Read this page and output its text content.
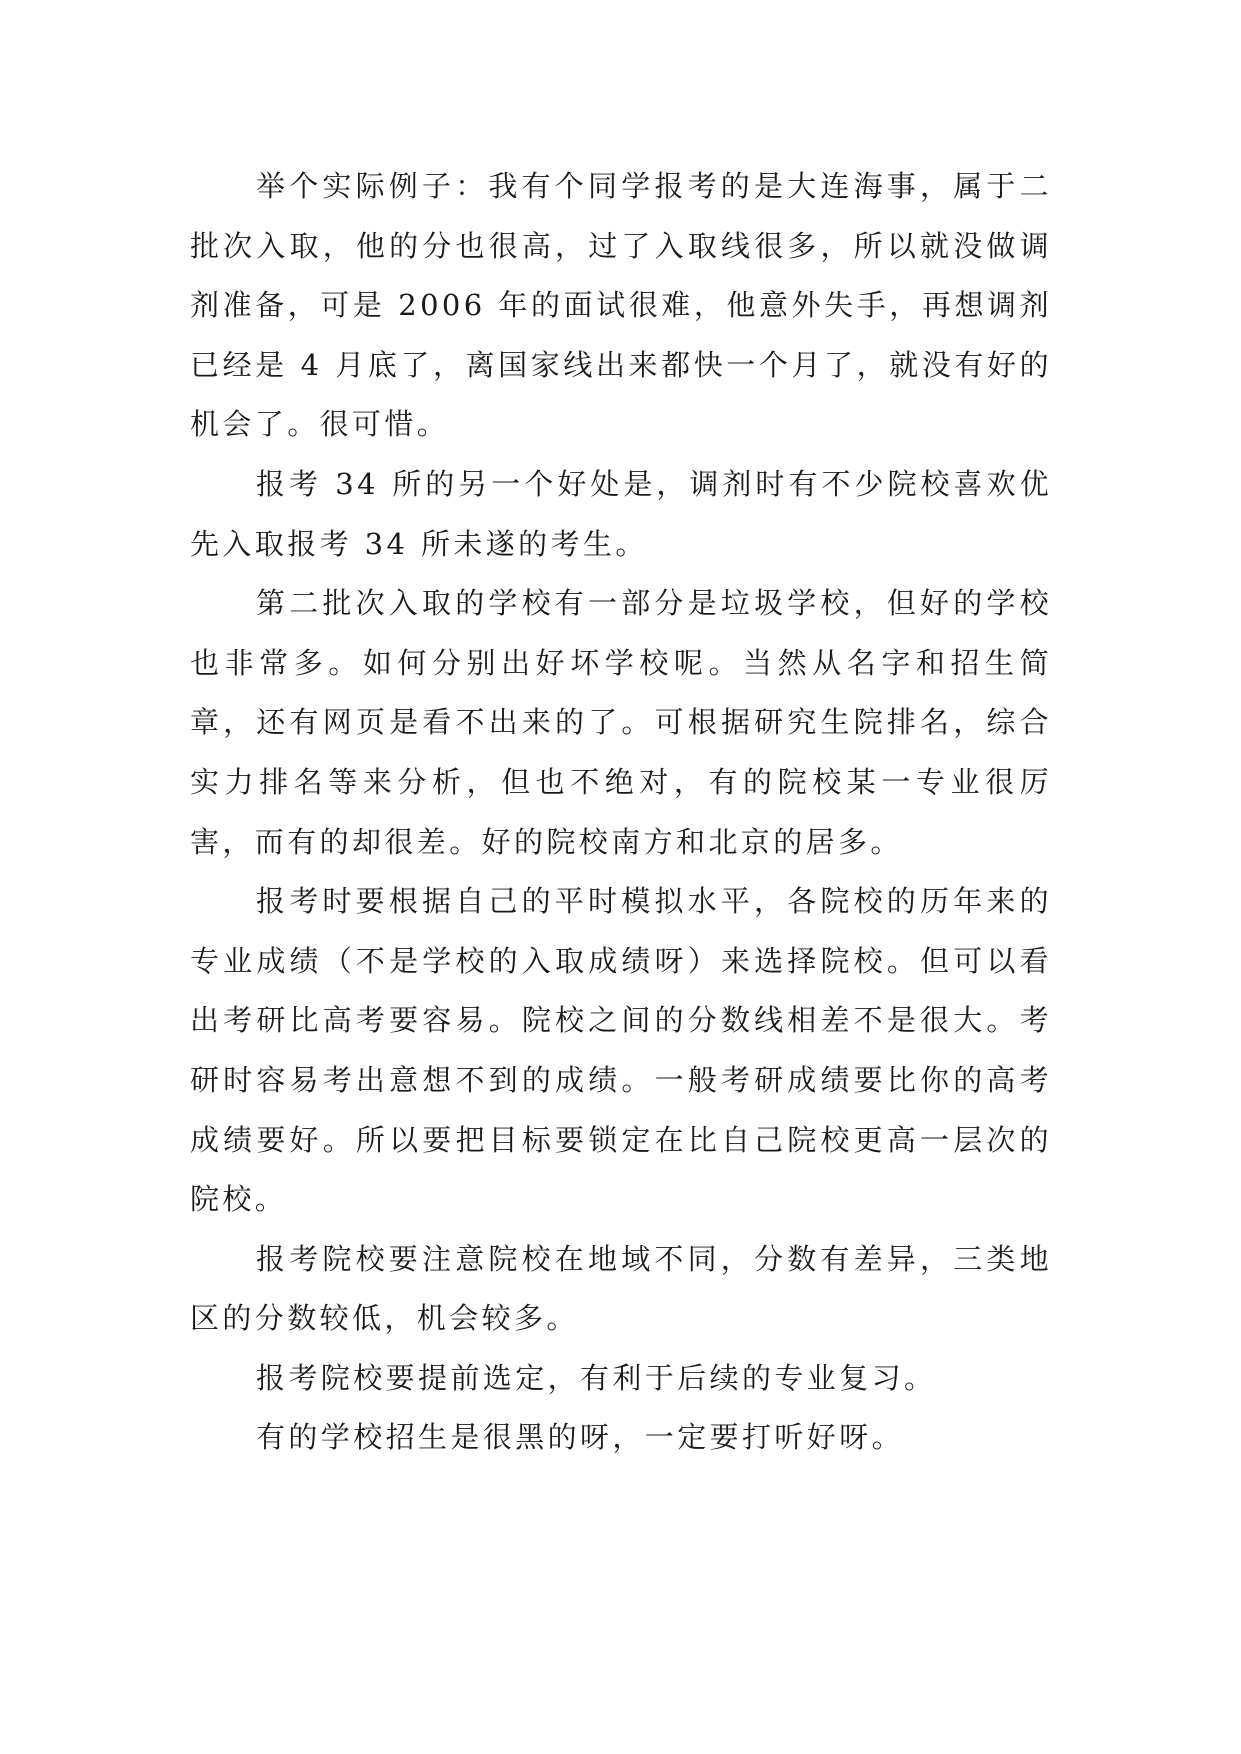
举个实际例子：我有个同学报考的是大连海事，属于二批次入取，他的分也很高，过了入取线很多，所以就没做调剂准备，可是 2006 年的面试很难，他意外失手，再想调剂已经是 4 月底了，离国家线出来都快一个月了，就没有好的机会了。很可惜。

报考 34 所的另一个好处是，调剂时有不少院校喜欢优先入取报考 34 所未遂的考生。

第二批次入取的学校有一部分是垃圾学校，但好的学校也非常多。如何分别出好坏学校呢。当然从名字和招生简章，还有网页是看不出来的了。可根据研究生院排名，综合实力排名等来分析，但也不绝对，有的院校某一专业很厉害，而有的却很差。好的院校南方和北京的居多。

报考时要根据自己的平时模拟水平，各院校的历年来的专业成绩（不是学校的入取成绩呀）来选择院校。但可以看出考研比高考要容易。院校之间的分数线相差不是很大。考研时容易考出意想不到的成绩。一般考研成绩要比你的高考成绩要好。所以要把目标要锁定在比自己院校更高一层次的院校。

报考院校要注意院校在地域不同，分数有差异，三类地区的分数较低，机会较多。

报考院校要提前选定，有利于后续的专业复习。

有的学校招生是很黑的呀，一定要打听好呀。
